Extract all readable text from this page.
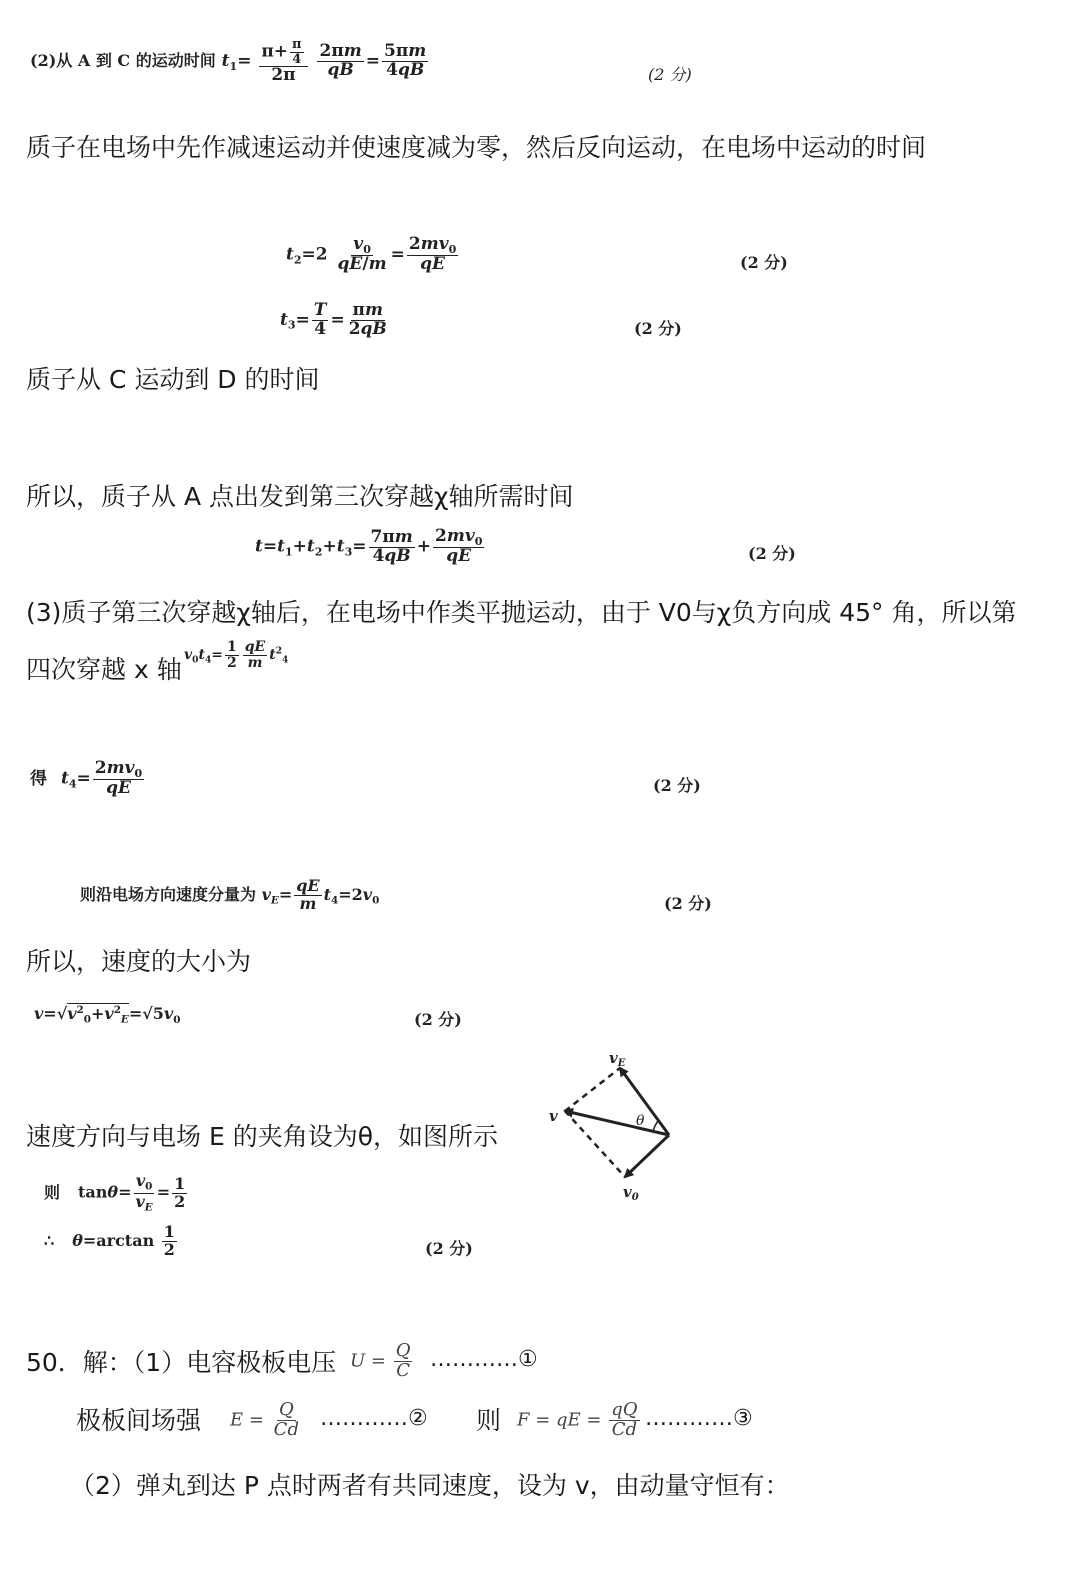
(2)从 A 到 C 的运动时间 $t_1= \frac{\pi+ \frac{\pi}{4}}{2\pi}$
$\frac{2\pi m}{qB} = \frac{5\pi m}{4qB}$	(2 分)
质子在电场中先作减速运动并使速度减为零，然后反向运动，在电场中运动的时间
$t_2=2 \frac{v_0}{qE/m} = \frac{2mv_0}{qE}$	(2 分)
$t_3= \frac{T}{4} = \frac{\pi m}{2qB}$	(2 分)
质子从 C 运动到 D 的时间
所以，质子从 A 点出发到第三次穿越χ轴所需时间
$t=t_1+t_2+t_3= \frac{7\pi m}{4qB} + \frac{2mv_0}{qE}$	(2 分)
(3)质子第三次穿越χ轴后，在电场中作类平抛运动，由于 V0与χ负方向成 45° 角，所以第
四次穿越 x 轴 $v_0t_4= \frac{1}{2} \frac{qE}{m} t^2_4$
得 $t_4= \frac{2mv_0}{qE}$	(2 分)
则沿电场方向速度分量为 $v_E= \frac{qE}{m} t_4=2v_0$	(2 分)
所以，速度的大小为
$v=√v^2_0+v^2_E=√5v_0$	(2 分)
速度方向与电场 E 的夹角设为θ，如图所示
$v_E$
v	θ
$v_0$
则 $\tan\theta= \frac{v_0}{v_E} = \frac{1}{2}$
∴ $\theta=\arctan \frac{1}{2}$	(2 分)
50．解：（1）电容极板电压 $U = \frac{Q}{C}$ …………①
极板间场强 $E = \frac{Q}{Cd}$ …………② 则 F = qE = $\frac{qQ}{Cd}$ …………③
（2）弹丸到达 P 点时两者有共同速度，设为 v，由动量守恒有：
